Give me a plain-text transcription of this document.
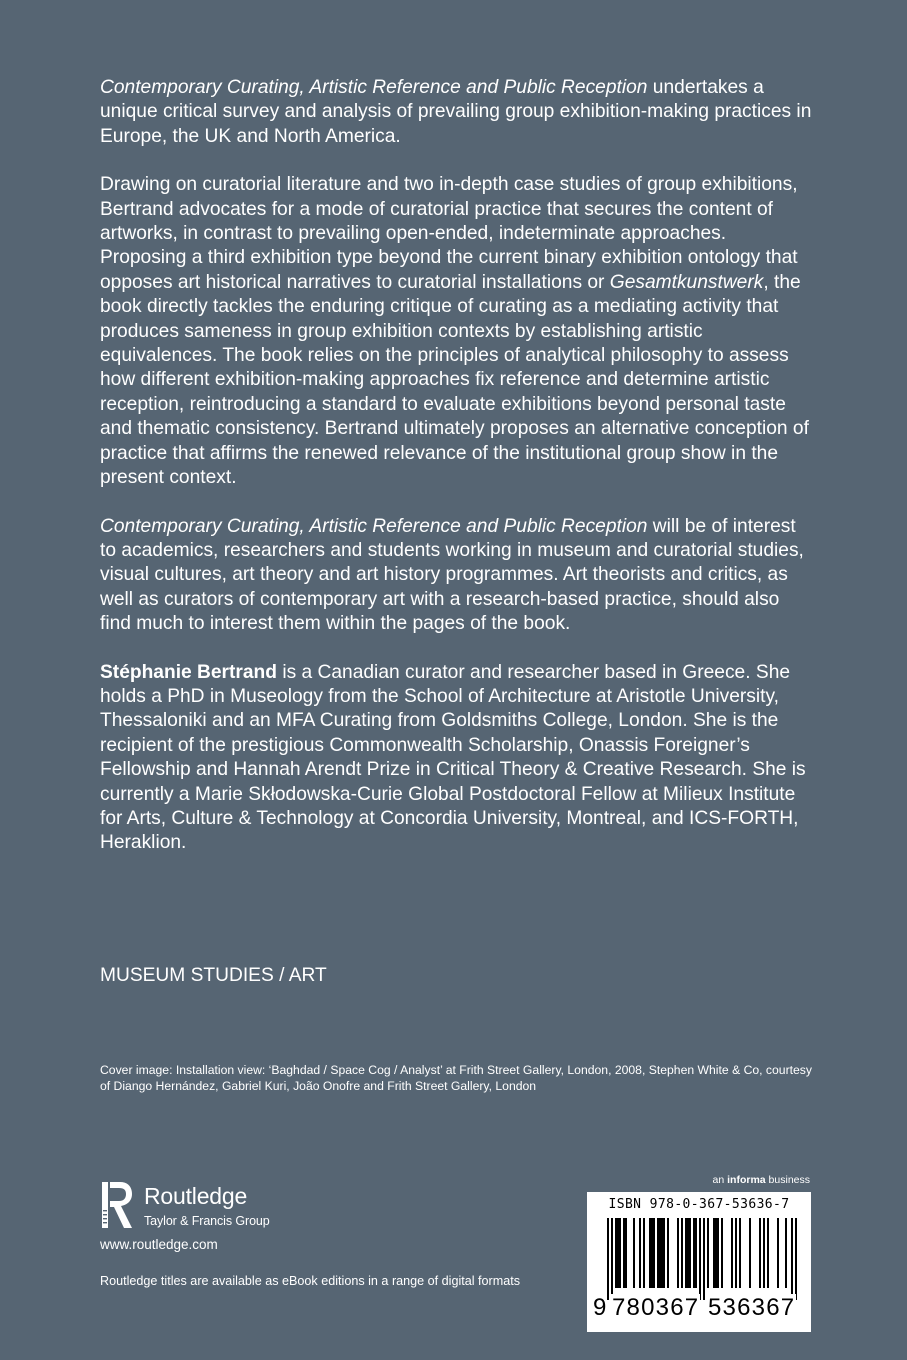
Contemporary Curating, Artistic Reference and Public Reception undertakes a unique critical survey and analysis of prevailing group exhibition-making practices in Europe, the UK and North America.

Drawing on curatorial literature and two in-depth case studies of group exhibitions, Bertrand advocates for a mode of curatorial practice that secures the content of artworks, in contrast to prevailing open-ended, indeterminate approaches. Proposing a third exhibition type beyond the current binary exhibition ontology that opposes art historical narratives to curatorial installations or Gesamtkunstwerk, the book directly tackles the enduring critique of curating as a mediating activity that produces sameness in group exhibition contexts by establishing artistic equivalences. The book relies on the principles of analytical philosophy to assess how different exhibition-making approaches fix reference and determine artistic reception, reintroducing a standard to evaluate exhibitions beyond personal taste and thematic consistency. Bertrand ultimately proposes an alternative conception of practice that affirms the renewed relevance of the institutional group show in the present context.

Contemporary Curating, Artistic Reference and Public Reception will be of interest to academics, researchers and students working in museum and curatorial studies, visual cultures, art theory and art history programmes. Art theorists and critics, as well as curators of contemporary art with a research-based practice, should also find much to interest them within the pages of the book.

Stéphanie Bertrand is a Canadian curator and researcher based in Greece. She holds a PhD in Museology from the School of Architecture at Aristotle University, Thessaloniki and an MFA Curating from Goldsmiths College, London. She is the recipient of the prestigious Commonwealth Scholarship, Onassis Foreigner’s Fellowship and Hannah Arendt Prize in Critical Theory & Creative Research. She is currently a Marie Skłodowska-Curie Global Postdoctoral Fellow at Milieux Institute for Arts, Culture & Technology at Concordia University, Montreal, and ICS-FORTH, Heraklion.

MUSEUM STUDIES / ART
Cover image: Installation view: ‘Baghdad / Space Cog / Analyst’ at Frith Street Gallery, London, 2008, Stephen White & Co, courtesy of Diango Hernández, Gabriel Kuri, João Onofre and Frith Street Gallery, London
Routledge
Taylor & Francis Group
www.routledge.com
Routledge titles are available as eBook editions in a range of digital formats
an informa business
ISBN 978-0-367-53636-7
9 780367 536367
